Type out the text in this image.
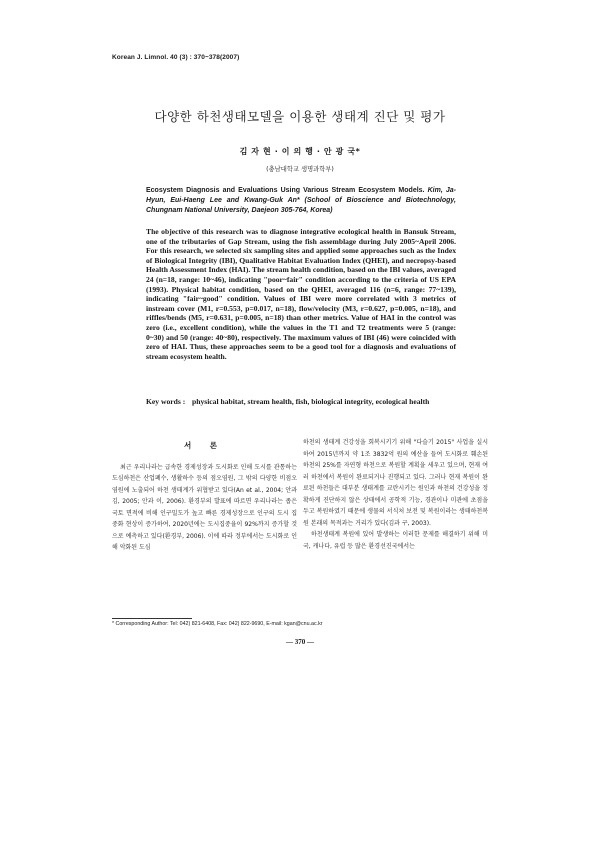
Korean J. Limnol. 40 (3) : 370~378(2007)
다양한 하천생태모델을 이용한 생태계 진단 및 평가
김 자 현 · 이 의 행 · 안 광 국*
(충남대학교 생명과학부)
Ecosystem Diagnosis and Evaluations Using Various Stream Ecosystem Models. Kim, Ja-Hyun, Eui-Haeng Lee and Kwang-Guk An* (School of Bioscience and Biotechnology, Chungnam National University, Daejeon 305-764, Korea)

The objective of this research was to diagnose integrative ecological health in Bansuk Stream, one of the tributaries of Gap Stream, using the fish assemblage during July 2005~April 2006. For this research, we selected six sampling sites and applied some approaches such as the Index of Biological Integrity (IBI), Qualitative Habitat Evaluation Index (QHEI), and necropsy-based Health Assessment Index (HAI). The stream health condition, based on the IBI values, averaged 24 (n=18, range: 10~46), indicating "poor~fair" condition according to the criteria of US EPA (1993). Physical habitat condition, based on the QHEI, averaged 116 (n=6, range: 77~139), indicating "fair~good" condition. Values of IBI were more correlated with 3 metrics of instream cover (M1, r=0.553, p=0.017, n=18), flow/velocity (M3, r=0.627, p=0.005, n=18), and riffles/bends (M5, r=0.631, p=0.005, n=18) than other metrics. Value of HAI in the control was zero (i.e., excellent condition), while the values in the T1 and T2 treatments were 5 (range: 0~30) and 50 (range: 40~80), respectively. The maximum values of IBI (46) were coincided with zero of HAI. Thus, these approaches seem to be a good tool for a diagnosis and evaluations of stream ecosystem health.

Key words : physical habitat, stream health, fish, biological integrity, ecological health
서 론

최근 우리나라는 급속한 경제성장과 도시화로 인해 도시를 관통하는 도심하천은 산업폐수, 생활하수 등의 점오염원, 그 밖의 다양한 비점오염원에 노출되어 하천 생태계가 위협받고 있다(An et al., 2004; 안과 김, 2005; 안과 이, 2006). 환경부의 발표에 따르면 우리나라는 좁은 국토 면적에 비해 인구밀도가 높고 빠른 경제성장으로 인구의 도시 집중화 현상이 증가하여, 2020년에는 도시집중율이 92%까지 증가할 것으로 예측하고 있다(환경부, 2006). 이에 따라 정부에서는 도시화로 인해 악화된 도심

하천의 생태계 건강성을 회복시키기 위해 "다슬기 2015" 사업을 실시하여 2015년까지 약 1조 3832억 원의 예산을 들여 도시화로 훼손된 하천의 25%를 자연형 하천으로 복원할 계획을 세우고 있으며, 현재 여러 하천에서 복원이 완료되거나 진행되고 있다. 그러나 현재 복원이 완료된 하천들은 대부분 생태계를 교란시키는 원인과 하천의 건강성을 정확하게 진단하지 않은 상태에서 공학적 기능, 경관이나 미관에 초점을 두고 복원하였기 때문에 생물의 서식처 보전 및 복원이라는 생태하천복원 본래의 목적과는 거리가 있다(김과 구, 2003).

하천생태계 복원에 있어 발생하는 이러한 문제를 해결하기 위해 미국, 캐나다, 유럽 등 많은 환경선진국에서는

* Corresponding Author: Tel: 042) 821-6408, Fax: 042) 822-9690, E-mail: kgan@cnu.ac.kr
— 370 —
